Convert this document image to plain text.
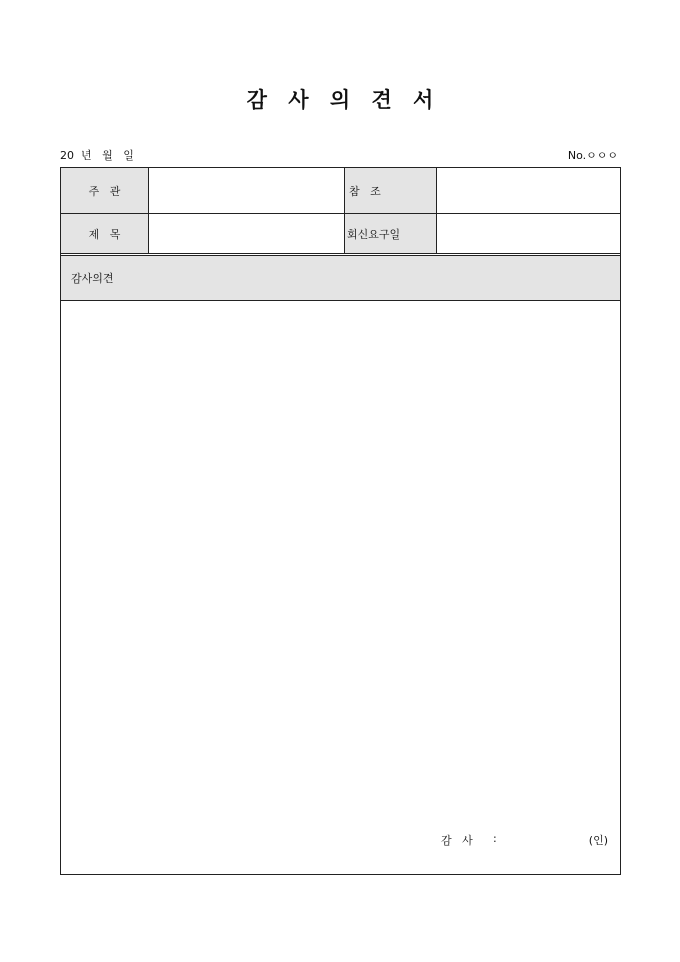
감 사 의 견 서
20  년   월   일	No.ㅇㅇㅇ
주   관	참   조
제   목	회신요구일
감사의견
감   사 :	(인)
